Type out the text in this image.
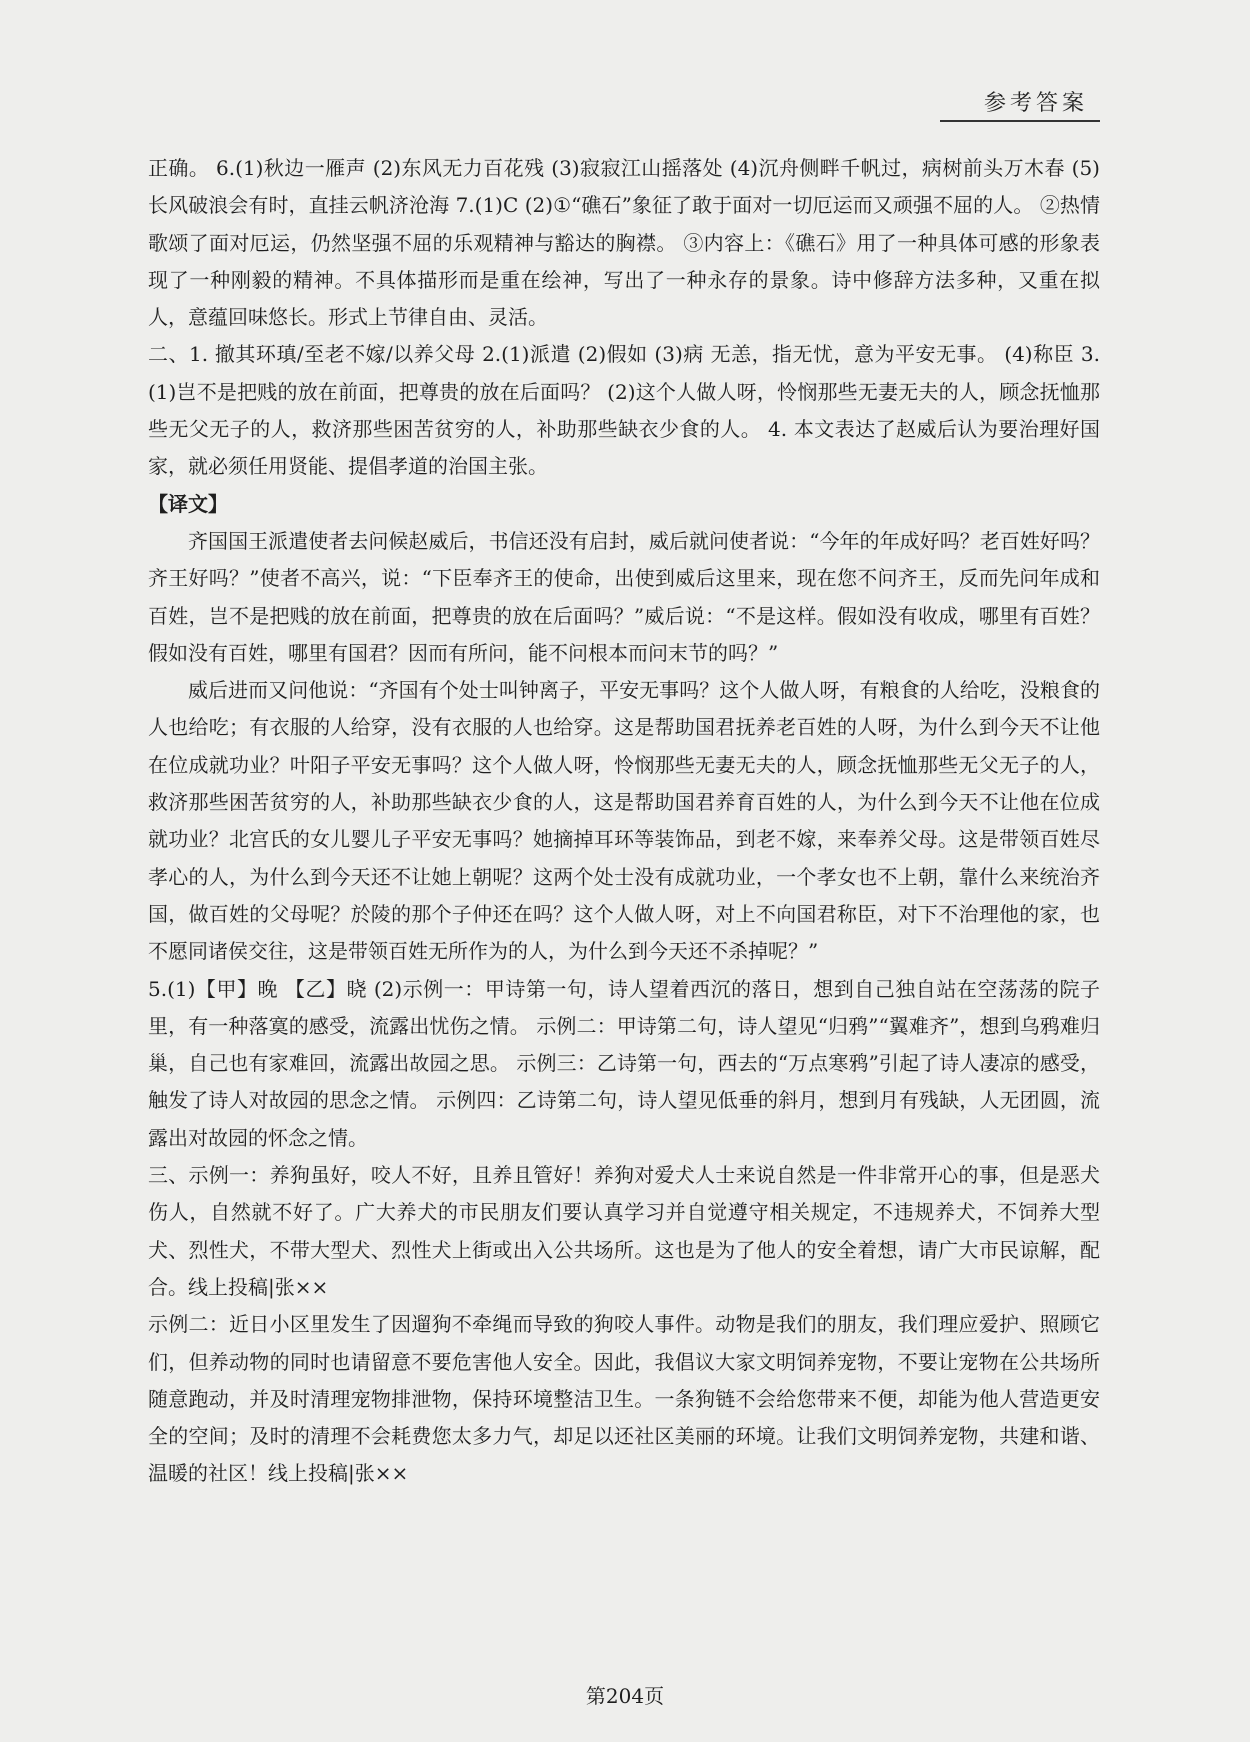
参考答案

正确。 6.(1)秋边一雁声 (2)东风无力百花残 (3)寂寂江山摇落处 (4)沉舟侧畔千帆过，病树前头万木春 (5)长风破浪会有时，直挂云帆济沧海 7.(1)C (2)①“礁石”象征了敢于面对一切厄运而又顽强不屈的人。 ②热情歌颂了面对厄运，仍然坚强不屈的乐观精神与豁达的胸襟。 ③内容上：《礁石》用了一种具体可感的形象表现了一种刚毅的精神。不具体描形而是重在绘神，写出了一种永存的景象。诗中修辞方法多种，又重在拟人，意蕴回味悠长。形式上节律自由、灵活。

二、1. 撤其环瑱/至老不嫁/以养父母 2.(1)派遣 (2)假如 (3)病 无恙，指无忧，意为平安无事。 (4)称臣 3.(1)岂不是把贱的放在前面，把尊贵的放在后面吗？ (2)这个人做人呀，怜悯那些无妻无夫的人，顾念抚恤那些无父无子的人，救济那些困苦贫穷的人，补助那些缺衣少食的人。 4. 本文表达了赵威后认为要治理好国家，就必须任用贤能、提倡孝道的治国主张。

【译文】

齐国国王派遣使者去问候赵威后，书信还没有启封，威后就问使者说：“今年的年成好吗？老百姓好吗？齐王好吗？”使者不高兴，说：“下臣奉齐王的使命，出使到威后这里来，现在您不问齐王，反而先问年成和百姓，岂不是把贱的放在前面，把尊贵的放在后面吗？”威后说：“不是这样。假如没有收成，哪里有百姓？假如没有百姓，哪里有国君？因而有所问，能不问根本而问末节的吗？”

威后进而又问他说：“齐国有个处士叫钟离子，平安无事吗？这个人做人呀，有粮食的人给吃，没粮食的人也给吃；有衣服的人给穿，没有衣服的人也给穿。这是帮助国君抚养老百姓的人呀，为什么到今天不让他在位成就功业？叶阳子平安无事吗？这个人做人呀，怜悯那些无妻无夫的人，顾念抚恤那些无父无子的人，救济那些困苦贫穷的人，补助那些缺衣少食的人，这是帮助国君养育百姓的人，为什么到今天不让他在位成就功业？北宫氏的女儿婴儿子平安无事吗？她摘掉耳环等装饰品，到老不嫁，来奉养父母。这是带领百姓尽孝心的人，为什么到今天还不让她上朝呢？这两个处士没有成就功业，一个孝女也不上朝，靠什么来统治齐国，做百姓的父母呢？於陵的那个子仲还在吗？这个人做人呀，对上不向国君称臣，对下不治理他的家，也不愿同诸侯交往，这是带领百姓无所作为的人，为什么到今天还不杀掉呢？”

5.(1)【甲】晚 【乙】晓 (2)示例一：甲诗第一句，诗人望着西沉的落日，想到自己独自站在空荡荡的院子里，有一种落寞的感受，流露出忧伤之情。 示例二：甲诗第二句，诗人望见“归鸦”“翼难齐”，想到乌鸦难归巢，自己也有家难回，流露出故园之思。 示例三：乙诗第一句，西去的“万点寒鸦”引起了诗人凄凉的感受，触发了诗人对故园的思念之情。 示例四：乙诗第二句，诗人望见低垂的斜月，想到月有残缺，人无团圆，流露出对故园的怀念之情。

三、示例一：养狗虽好，咬人不好，且养且管好！养狗对爱犬人士来说自然是一件非常开心的事，但是恶犬伤人，自然就不好了。广大养犬的市民朋友们要认真学习并自觉遵守相关规定，不违规养犬，不饲养大型犬、烈性犬，不带大型犬、烈性犬上街或出入公共场所。这也是为了他人的安全着想，请广大市民谅解，配合。线上投稿|张××

示例二：近日小区里发生了因遛狗不牵绳而导致的狗咬人事件。动物是我们的朋友，我们理应爱护、照顾它们，但养动物的同时也请留意不要危害他人安全。因此，我倡议大家文明饲养宠物，不要让宠物在公共场所随意跑动，并及时清理宠物排泄物，保持环境整洁卫生。一条狗链不会给您带来不便，却能为他人营造更安全的空间；及时的清理不会耗费您太多力气，却足以还社区美丽的环境。让我们文明饲养宠物，共建和谐、温暖的社区！线上投稿|张××

第204页
